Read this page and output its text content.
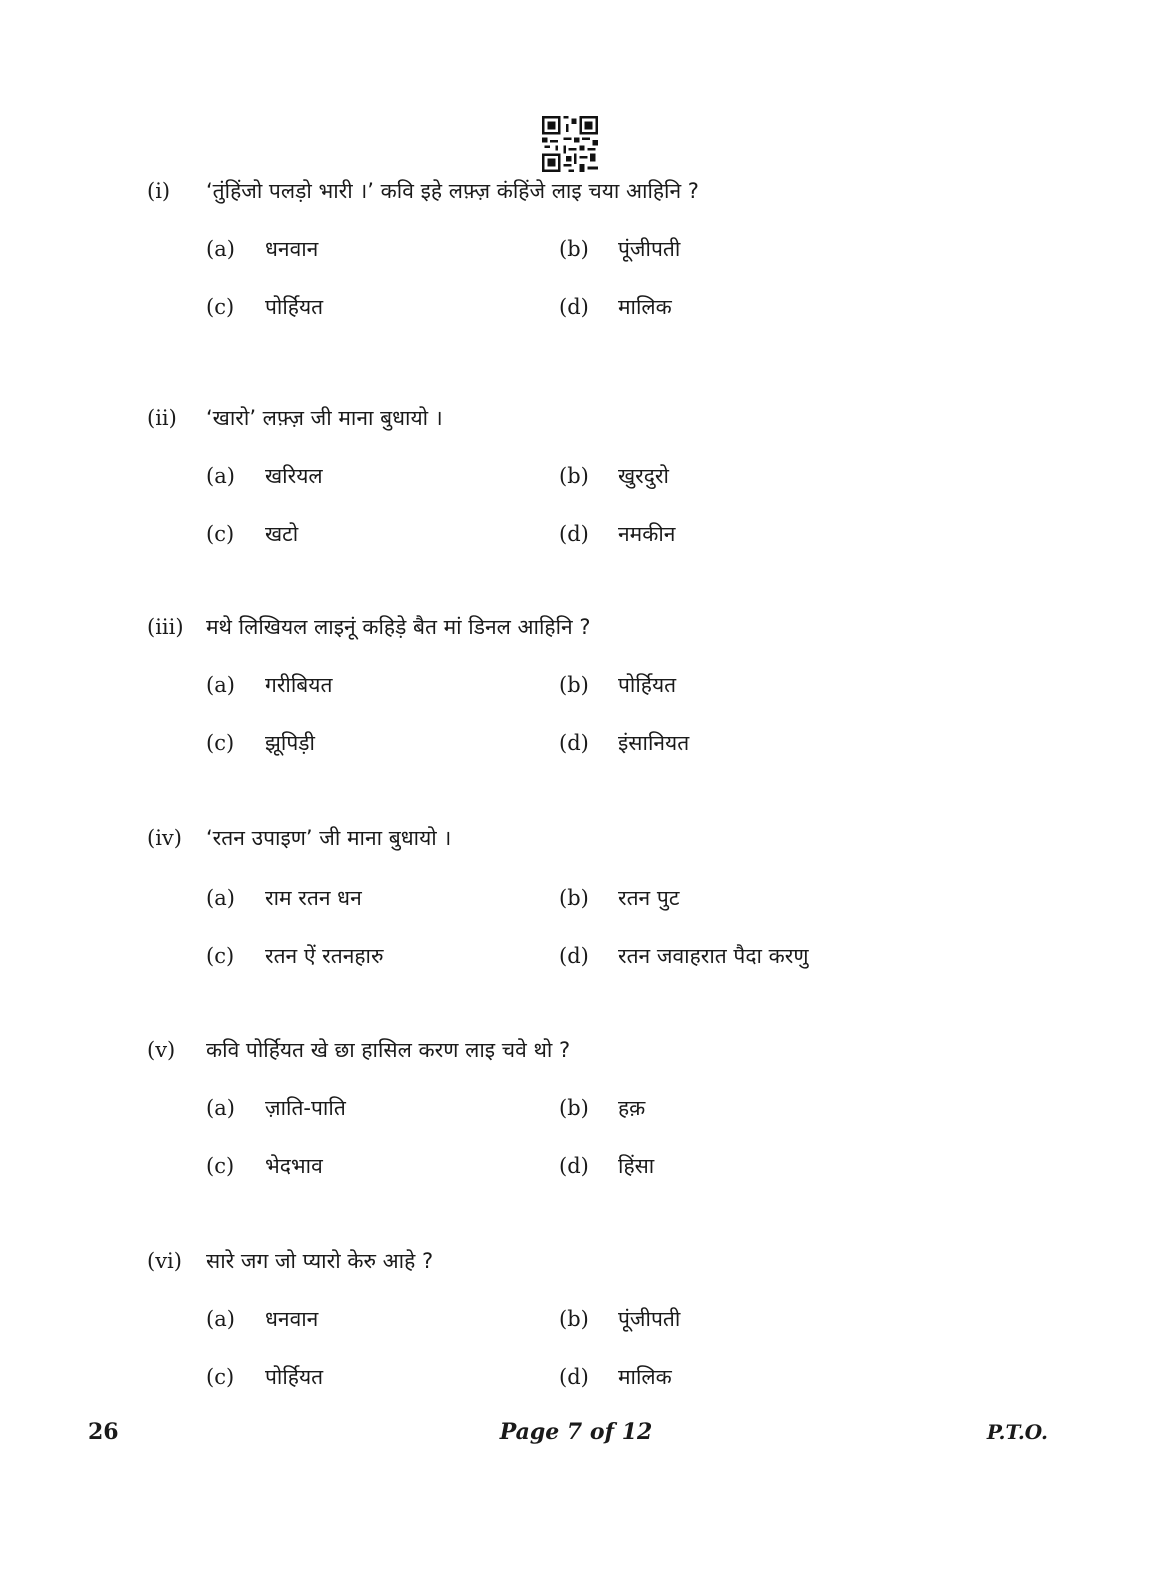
(i) ‘तुंहिंजो पलड़ो भारी ।’ कवि इहे लफ़्ज़ कंहिंजे लाइ चया आहिनि ?
(a) धनवान	(b) पूंजीपती
(c) पोर्हियत	(d) मालिक
(ii) ‘खारो’ लफ़्ज़ जी माना बुधायो ।
(a) खरियल	(b) खुरदुरो
(c) खटो	(d) नमकीन
(iii) मथे लिखियल लाइनूं कहिड़े बैत मां डिनल आहिनि ?
(a) गरीबियत	(b) पोर्हियत
(c) झूपिड़ी	(d) इंसानियत
(iv) ‘रतन उपाइण’ जी माना बुधायो ।
(a) राम रतन धन	(b) रतन पुट
(c) रतन ऐं रतनहारु	(d) रतन जवाहरात पैदा करणु
(v) कवि पोर्हियत खे छा हासिल करण लाइ चवे थो ?
(a) ज़ाति-पाति	(b) हक़
(c) भेदभाव	(d) हिंसा
(vi) सारे जग जो प्यारो केरु आहे ?
(a) धनवान	(b) पूंजीपती
(c) पोर्हियत	(d) मालिक
26	Page 7 of 12	P.T.O.
